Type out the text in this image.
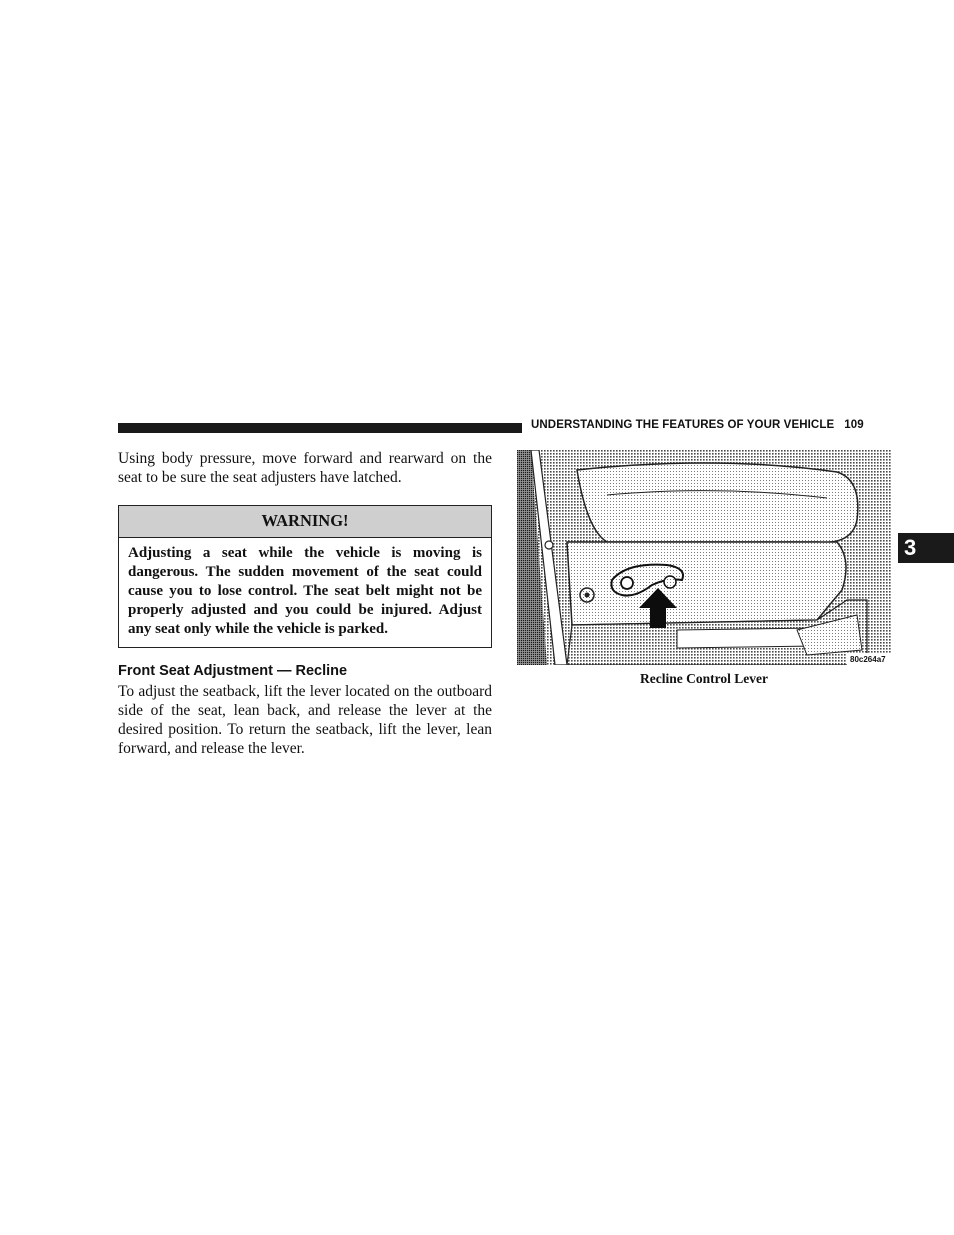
UNDERSTANDING THE FEATURES OF YOUR VEHICLE 109
3

Using body pressure, move forward and rearward on the seat to be sure the seat adjusters have latched.

WARNING!

Adjusting a seat while the vehicle is moving is dangerous. The sudden movement of the seat could cause you to lose control. The seat belt might not be properly adjusted and you could be injured. Adjust any seat only while the vehicle is parked.

Front Seat Adjustment — Recline

To adjust the seatback, lift the lever located on the outboard side of the seat, lean back, and release the lever at the desired position. To return the seatback, lift the lever, lean forward, and release the lever.

80c264a7
Recline Control Lever
